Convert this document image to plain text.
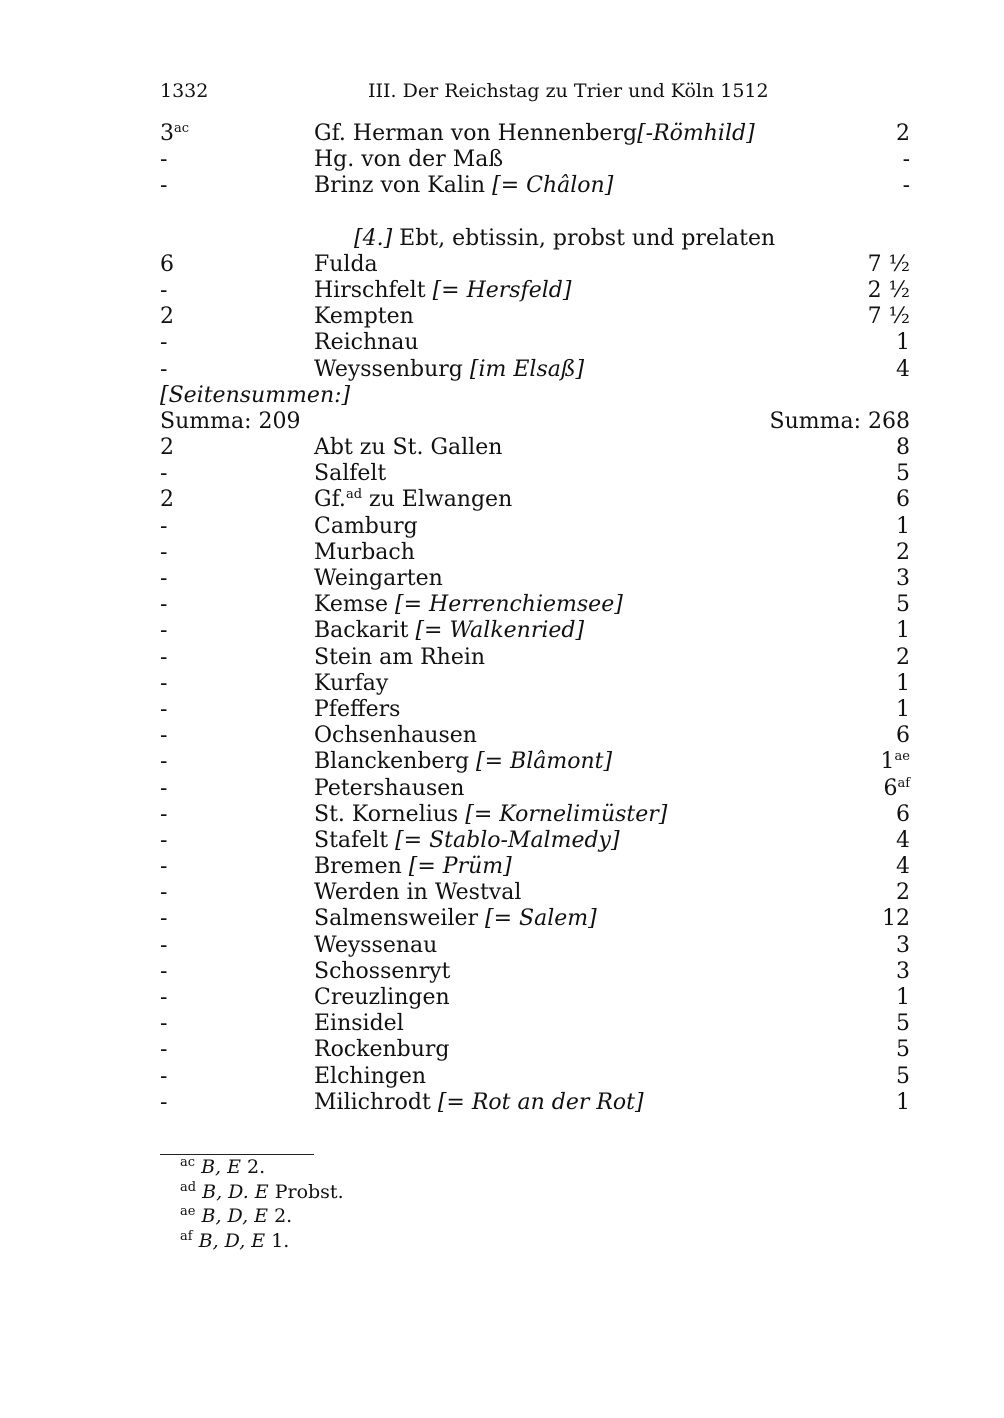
1332	III. Der Reichstag zu Trier und Köln 1512
$3^{ac}$	Gf. Herman von Hennenberg[-Römhild]	2
-	Hg. von der Maß	-
-	Brinz von Kalin [= Châlon]	-
[4.] Ebt, ebtissin, probst und prelaten
6	Fulda	7 ½
-	Hirschfelt [= Hersfeld]	2 ½
2	Kempten	7 ½
-	Reichnau	1
-	Weyssenburg [im Elsaß]	4
[Seitensummen:]
Summa: 209	Summa: 268
2	Abt zu St. Gallen	8
-	Salfelt	5
2	Gf.$^{ad}$ zu Elwangen	6
-	Camburg	1
-	Murbach	2
-	Weingarten	3
-	Kemse [= Herrenchiemsee]	5
-	Backarit [= Walkenried]	1
-	Stein am Rhein	2
-	Kurfay	1
-	Pfeffers	1
-	Ochsenhausen	6
-	Blanckenberg [= Blâmont]	$1^{ae}$
-	Petershausen	$6^{af}$
-	St. Kornelius [= Kornelimüster]	6
-	Stafelt [= Stablo-Malmedy]	4
-	Bremen [= Prüm]	4
-	Werden in Westval	2
-	Salmensweiler [= Salem]	12
-	Weyssenau	3
-	Schossenryt	3
-	Creuzlingen	1
-	Einsidel	5
-	Rockenburg	5
-	Elchingen	5
-	Milichrodt [= Rot an der Rot]	1
$^{ac}$ B, E 2.
$^{ad}$ B, D. E Probst.
$^{ae}$ B, D, E 2.
$^{af}$ B, D, E 1.
